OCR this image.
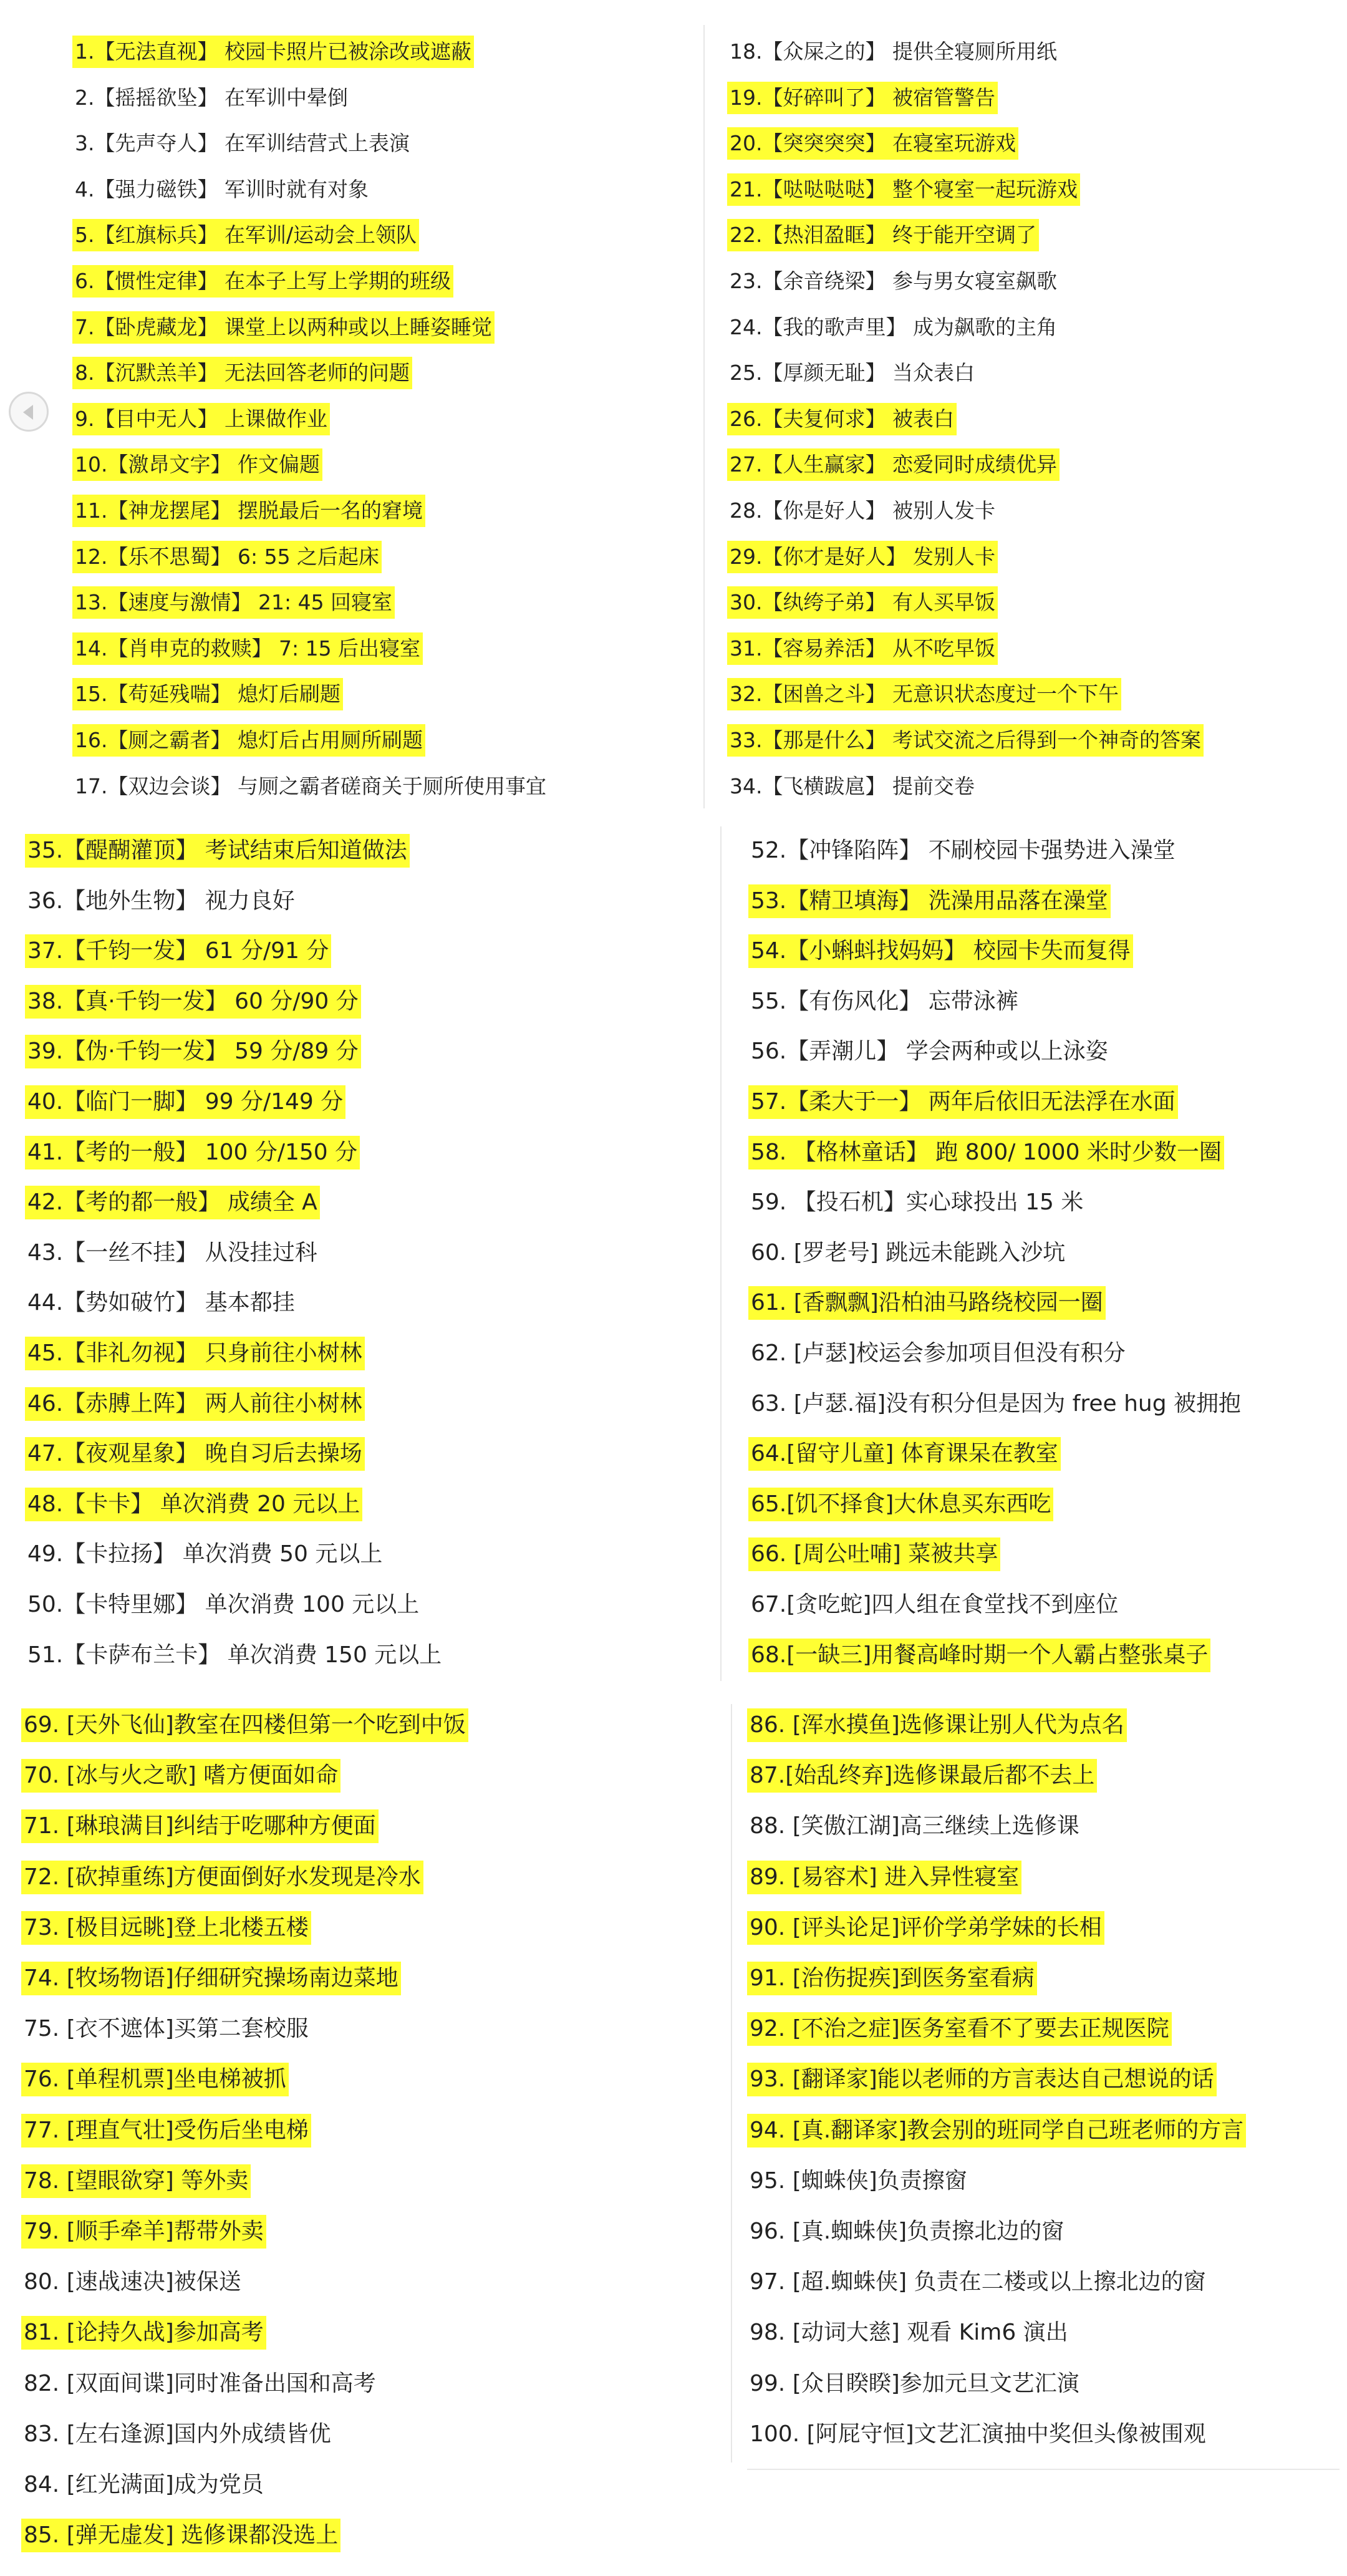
1.【无法直视】 校园卡照片已被涂改或遮蔽
2.【摇摇欲坠】 在军训中晕倒
3.【先声夺人】 在军训结营式上表演
4.【强力磁铁】 军训时就有对象
5.【红旗标兵】 在军训/运动会上领队
6.【惯性定律】 在本子上写上学期的班级
7.【卧虎藏龙】 课堂上以两种或以上睡姿睡觉
8.【沉默羔羊】 无法回答老师的问题
9.【目中无人】 上课做作业
10.【激昂文字】 作文偏题
11.【神龙摆尾】 摆脱最后一名的窘境
12.【乐不思蜀】 6: 55 之后起床
13.【速度与激情】 21: 45 回寝室
14.【肖申克的救赎】 7: 15 后出寝室
15.【苟延残喘】 熄灯后刷题
16.【厕之霸者】 熄灯后占用厕所刷题
17.【双边会谈】 与厕之霸者磋商关于厕所使用事宜
18.【众屎之的】 提供全寝厕所用纸
19.【好碎叫了】 被宿管警告
20.【突突突突】 在寝室玩游戏
21.【哒哒哒哒】 整个寝室一起玩游戏
22.【热泪盈眶】 终于能开空调了
23.【余音绕梁】 参与男女寝室飙歌
24.【我的歌声里】 成为飙歌的主角
25.【厚颜无耻】 当众表白
26.【夫复何求】 被表白
27.【人生赢家】 恋爱同时成绩优异
28.【你是好人】 被别人发卡
29.【你才是好人】 发别人卡
30.【纨绔子弟】 有人买早饭
31.【容易养活】 从不吃早饭
32.【困兽之斗】 无意识状态度过一个下午
33.【那是什么】 考试交流之后得到一个神奇的答案
34.【飞横跋扈】 提前交卷
35.【醍醐灌顶】 考试结束后知道做法
36.【地外生物】 视力良好
37.【千钧一发】 61 分/91 分
38.【真·千钧一发】 60 分/90 分
39.【伪·千钧一发】 59 分/89 分
40.【临门一脚】 99 分/149 分
41.【考的一般】 100 分/150 分
42.【考的都一般】 成绩全 A
43.【一丝不挂】 从没挂过科
44.【势如破竹】 基本都挂
45.【非礼勿视】 只身前往小树林
46.【赤膊上阵】 两人前往小树林
47.【夜观星象】 晚自习后去操场
48.【卡卡】 单次消费 20 元以上
49.【卡拉扬】 单次消费 50 元以上
50.【卡特里娜】 单次消费 100 元以上
51.【卡萨布兰卡】 单次消费 150 元以上
52.【冲锋陷阵】 不刷校园卡强势进入澡堂
53.【精卫填海】 洗澡用品落在澡堂
54.【小蝌蚪找妈妈】 校园卡失而复得
55.【有伤风化】 忘带泳裤
56.【弄潮儿】 学会两种或以上泳姿
57.【柔大于一】 两年后依旧无法浮在水面
58. 【格林童话】 跑 800/ 1000 米时少数一圈
59. 【投石机】实心球投出 15 米
60. [罗老号] 跳远未能跳入沙坑
61. [香飘飘]沿柏油马路绕校园一圈
62. [卢瑟]校运会参加项目但没有积分
63. [卢瑟.福]没有积分但是因为 free hug 被拥抱
64.[留守儿童] 体育课呆在教室
65.[饥不择食]大休息买东西吃
66. [周公吐哺] 菜被共享
67.[贪吃蛇]四人组在食堂找不到座位
68.[一缺三]用餐高峰时期一个人霸占整张桌子
69. [天外飞仙]教室在四楼但第一个吃到中饭
70. [冰与火之歌] 嗜方便面如命
71. [琳琅满目]纠结于吃哪种方便面
72. [砍掉重练]方便面倒好水发现是冷水
73. [极目远眺]登上北楼五楼
74. [牧场物语]仔细研究操场南边菜地
75. [衣不遮体]买第二套校服
76. [单程机票]坐电梯被抓
77. [理直气壮]受伤后坐电梯
78. [望眼欲穿] 等外卖
79. [顺手牵羊]帮带外卖
80. [速战速决]被保送
81. [论持久战]参加高考
82. [双面间谍]同时准备出国和高考
83. [左右逢源]国内外成绩皆优
84. [红光满面]成为党员
85. [弹无虚发] 选修课都没选上
86. [浑水摸鱼]选修课让别人代为点名
87.[始乱终弃]选修课最后都不去上
88. [笑傲江湖]高三继续上选修课
89. [易容术] 进入异性寝室
90. [评头论足]评价学弟学妹的长相
91. [治伤捉疾]到医务室看病
92. [不治之症]医务室看不了要去正规医院
93. [翻译家]能以老师的方言表达自己想说的话
94. [真.翻译家]教会别的班同学自己班老师的方言
95. [蜘蛛侠]负责擦窗
96. [真.蜘蛛侠]负责擦北边的窗
97. [超.蜘蛛侠] 负责在二楼或以上擦北边的窗
98. [动词大慈] 观看 Kim6 演出
99. [众目睽睽]参加元旦文艺汇演
100. [阿屁守恒]文艺汇演抽中奖但头像被围观
